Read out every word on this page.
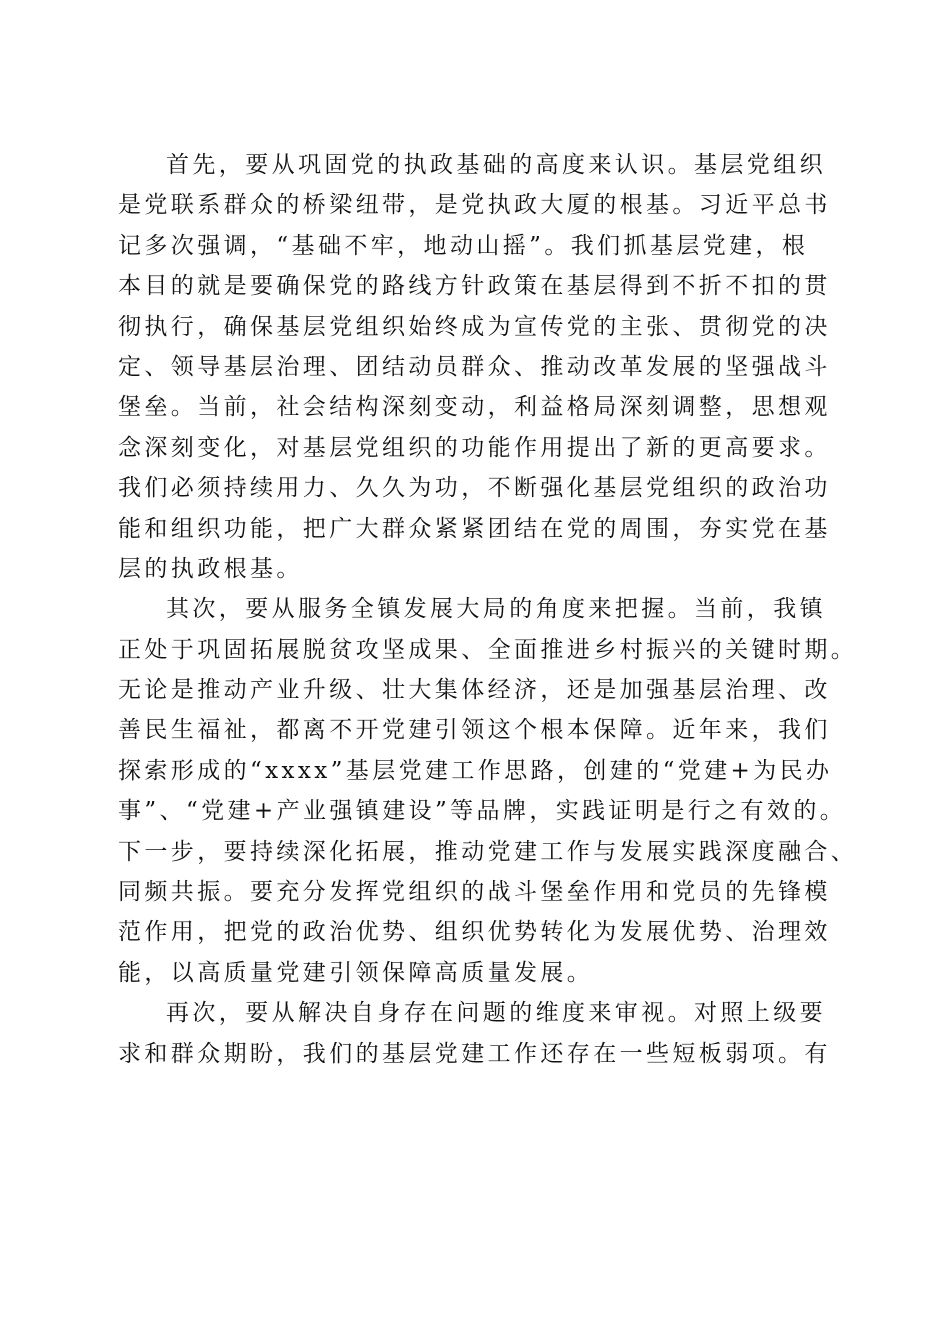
首先，要从巩固党的执政基础的高度来认识。基层党组织
是党联系群众的桥梁纽带，是党执政大厦的根基。习近平总书
记多次强调，“基础不牢，地动山摇”。我们抓基层党建，根
本目的就是要确保党的路线方针政策在基层得到不折不扣的贯
彻执行，确保基层党组织始终成为宣传党的主张、贯彻党的决
定、领导基层治理、团结动员群众、推动改革发展的坚强战斗
堡垒。当前，社会结构深刻变动，利益格局深刻调整，思想观
念深刻变化，对基层党组织的功能作用提出了新的更高要求。
我们必须持续用力、久久为功，不断强化基层党组织的政治功
能和组织功能，把广大群众紧紧团结在党的周围，夯实党在基
层的执政根基。
其次，要从服务全镇发展大局的角度来把握。当前，我镇
正处于巩固拓展脱贫攻坚成果、全面推进乡村振兴的关键时期。
无论是推动产业升级、壮大集体经济，还是加强基层治理、改
善民生福祉，都离不开党建引领这个根本保障。近年来，我们
探索形成的“xxxx”基层党建工作思路，创建的“党建+为民办
事”、“党建+产业强镇建设”等品牌，实践证明是行之有效的。
下一步，要持续深化拓展，推动党建工作与发展实践深度融合、
同频共振。要充分发挥党组织的战斗堡垒作用和党员的先锋模
范作用，把党的政治优势、组织优势转化为发展优势、治理效
能，以高质量党建引领保障高质量发展。
再次，要从解决自身存在问题的维度来审视。对照上级要
求和群众期盼，我们的基层党建工作还存在一些短板弱项。有
